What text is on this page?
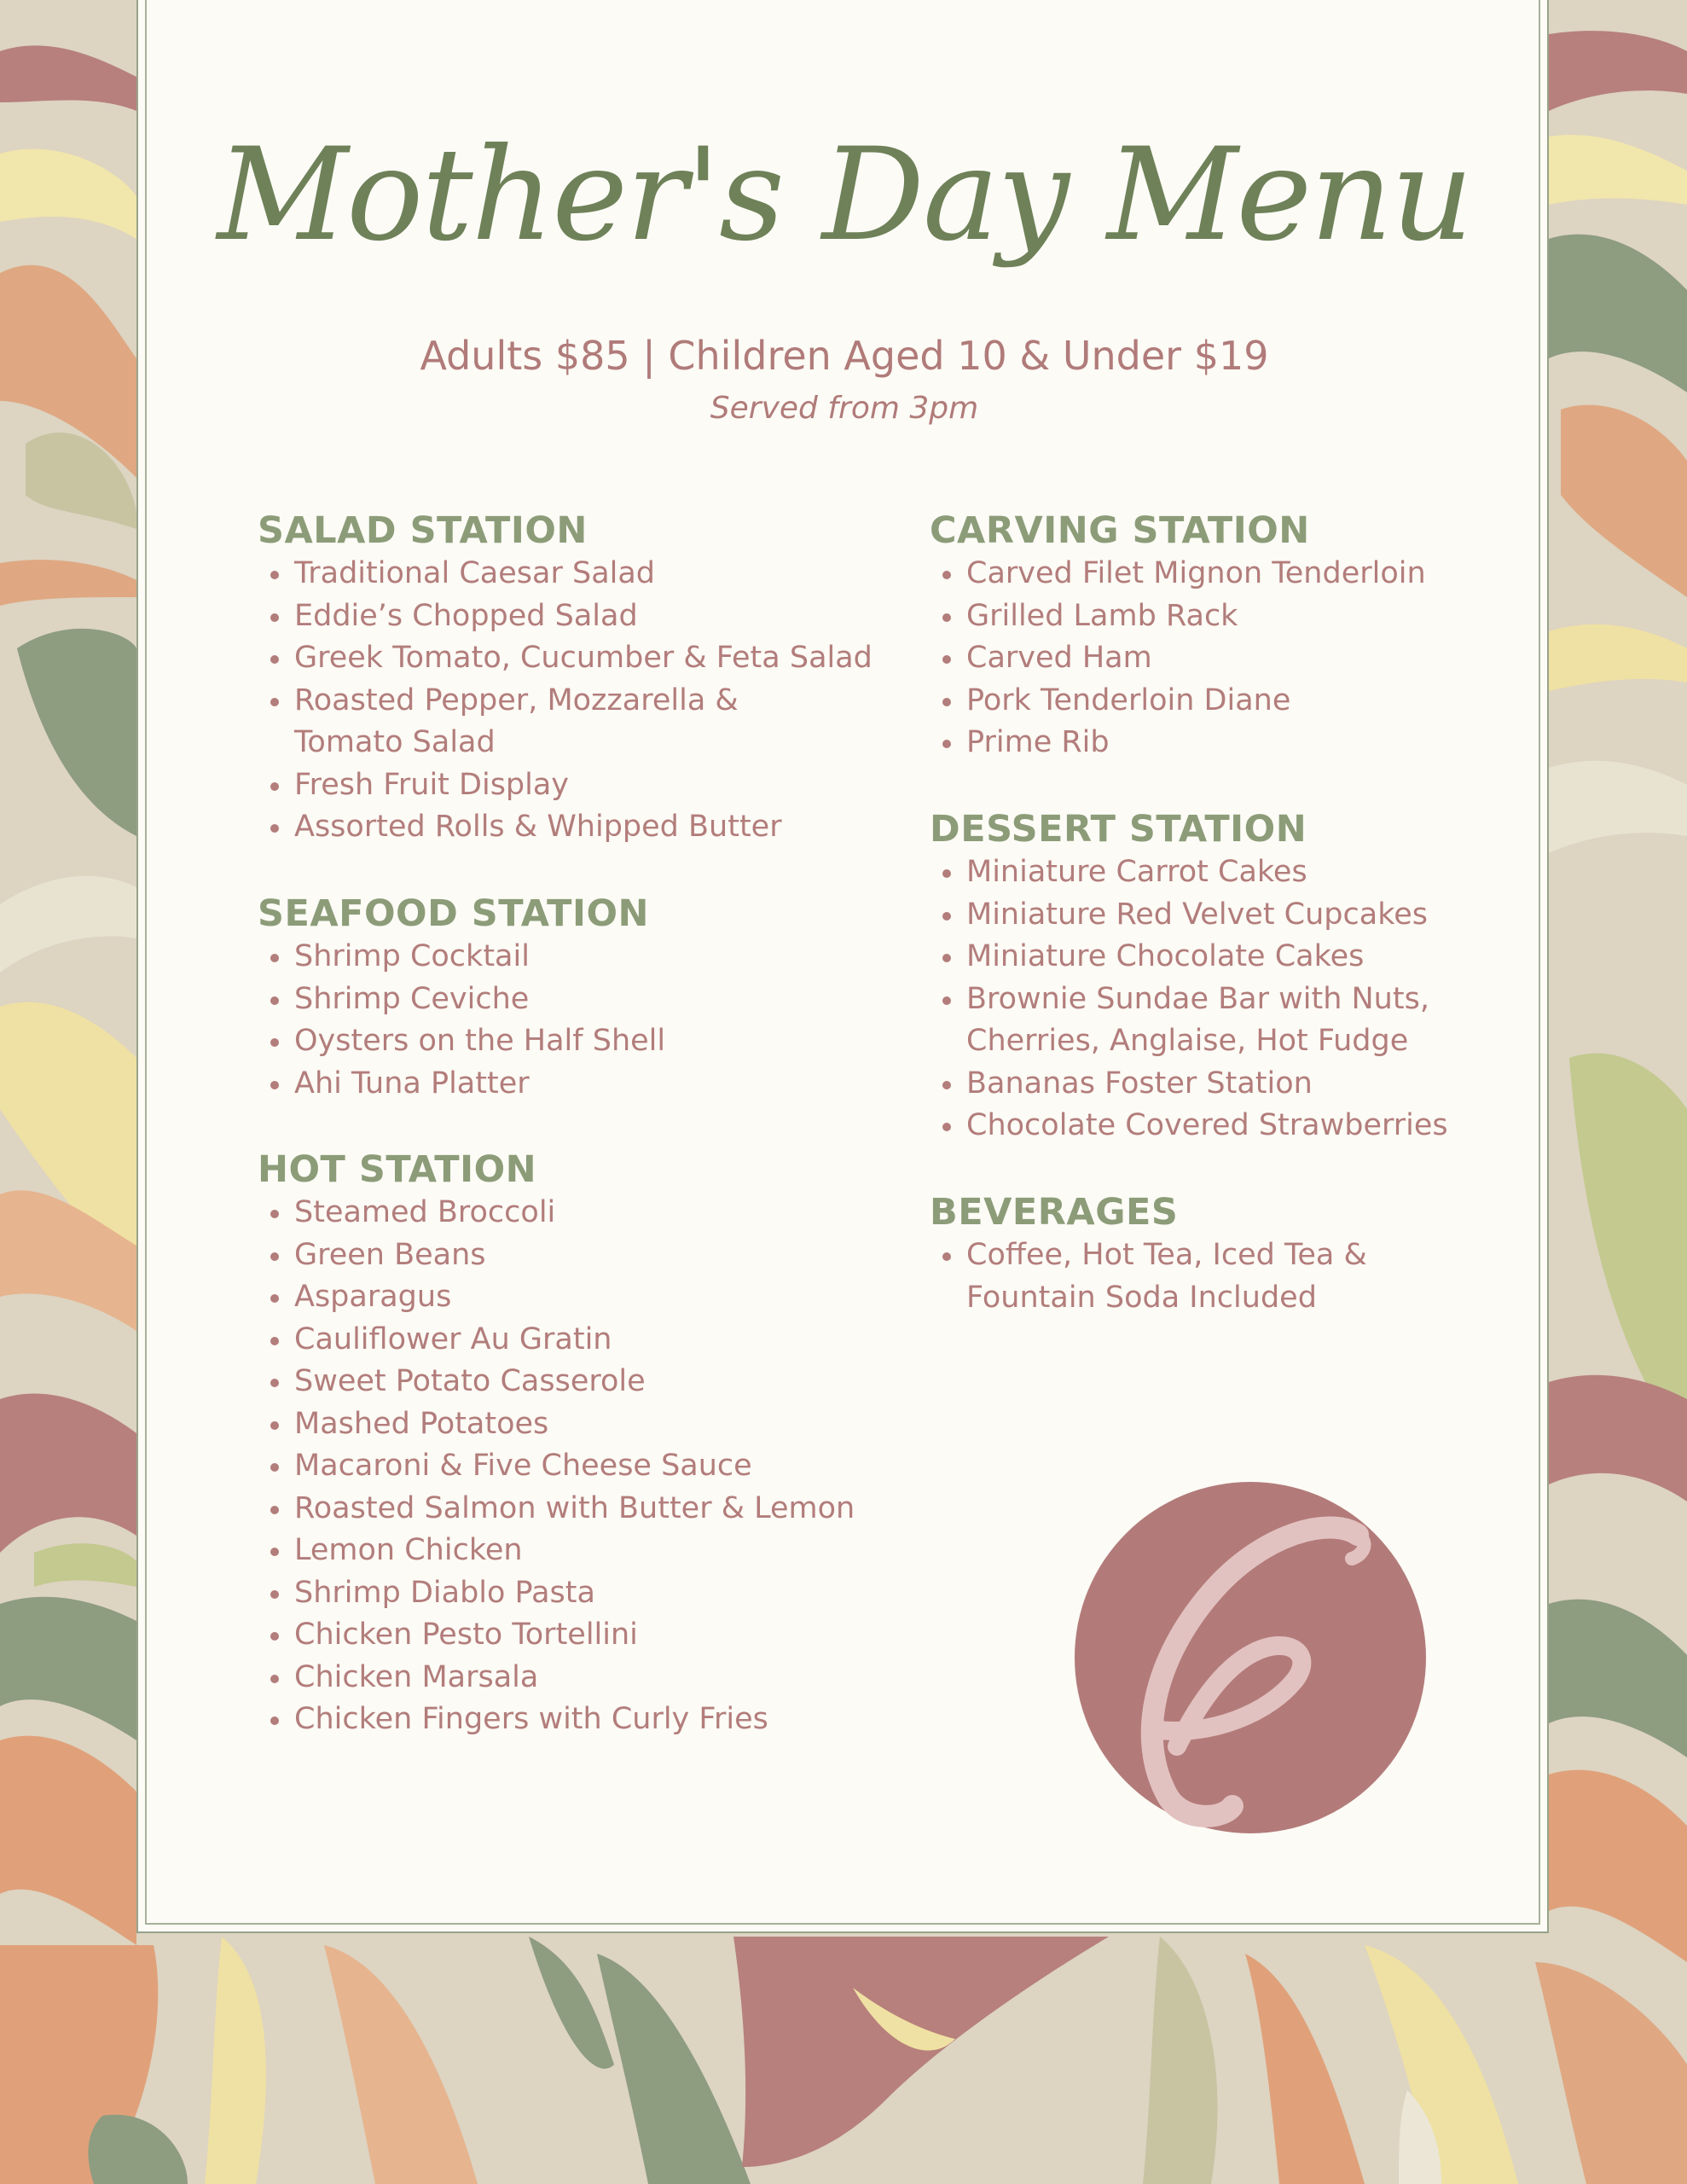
Mother's Day Menu
Adults $85 | Children Aged 10 & Under $19
Served from 3pm
SALAD STATION
Traditional Caesar Salad
Eddie’s Chopped Salad
Greek Tomato, Cucumber & Feta Salad
Roasted Pepper, Mozzarella &
Tomato Salad
Fresh Fruit Display
Assorted Rolls & Whipped Butter
SEAFOOD STATION
Shrimp Cocktail
Shrimp Ceviche
Oysters on the Half Shell
Ahi Tuna Platter
HOT STATION
Steamed Broccoli
Green Beans
Asparagus
Cauliflower Au Gratin
Sweet Potato Casserole
Mashed Potatoes
Macaroni & Five Cheese Sauce
Roasted Salmon with Butter & Lemon
Lemon Chicken
Shrimp Diablo Pasta
Chicken Pesto Tortellini
Chicken Marsala
Chicken Fingers with Curly Fries
CARVING STATION
Carved Filet Mignon Tenderloin
Grilled Lamb Rack
Carved Ham
Pork Tenderloin Diane
Prime Rib
DESSERT STATION
Miniature Carrot Cakes
Miniature Red Velvet Cupcakes
Miniature Chocolate Cakes
Brownie Sundae Bar with Nuts,
Cherries, Anglaise, Hot Fudge
Bananas Foster Station
Chocolate Covered Strawberries
BEVERAGES
Coffee, Hot Tea, Iced Tea &
Fountain Soda Included
